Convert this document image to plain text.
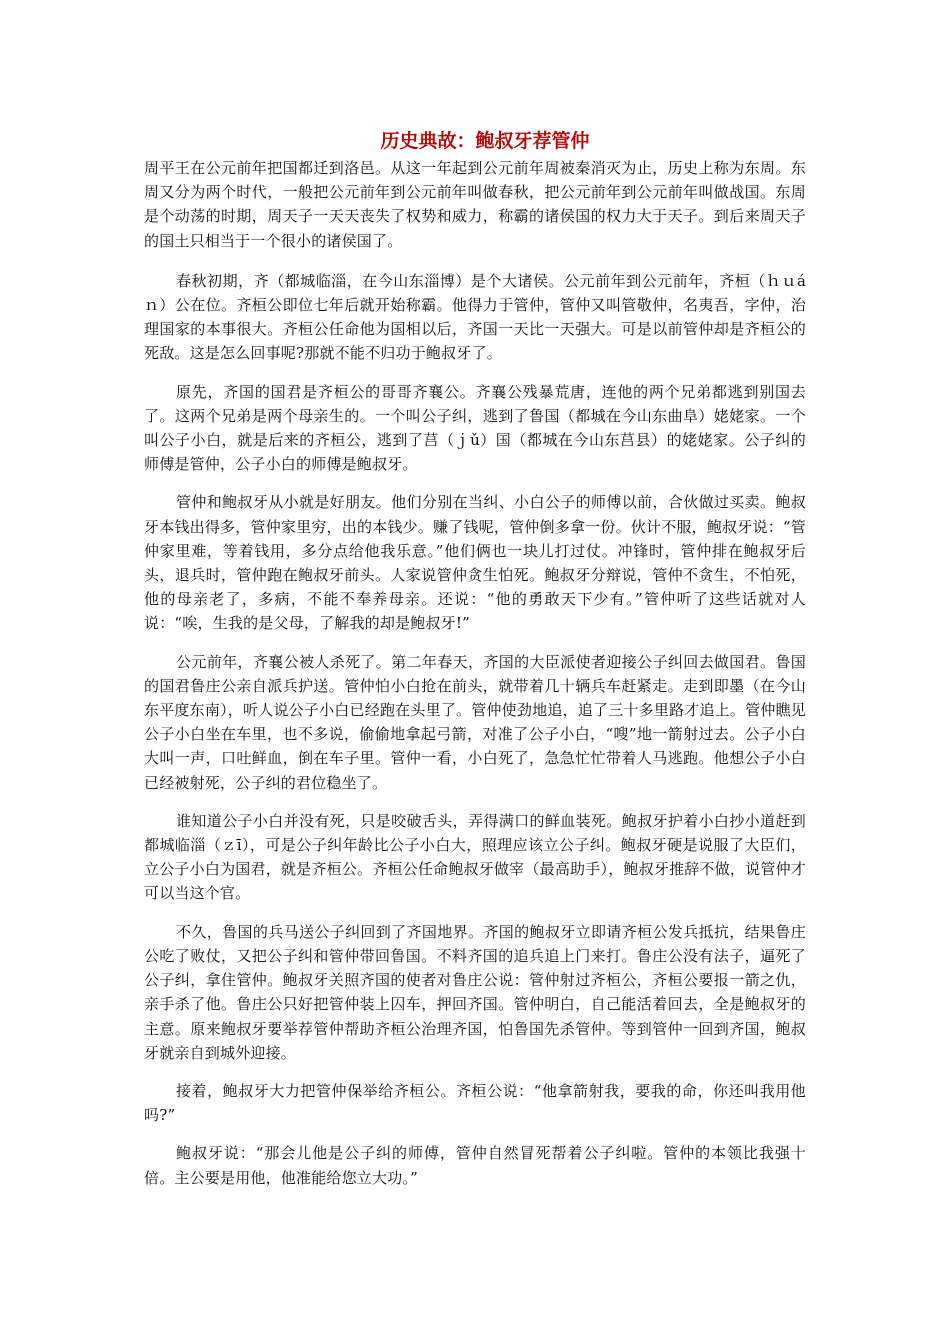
历史典故：鲍叔牙荐管仲

周平王在公元前年把国都迁到洛邑。从这一年起到公元前年周被秦消灭为止，历史上称为东周。东周又分为两个时代，一般把公元前年到公元前年叫做春秋，把公元前年到公元前年叫做战国。东周是个动荡的时期，周天子一天天丧失了权势和威力，称霸的诸侯国的权力大于天子。到后来周天子的国土只相当于一个很小的诸侯国了。

春秋初期，齐（都城临淄，在今山东淄博）是个大诸侯。公元前年到公元前年，齐桓（ｈｕáｎ）公在位。齐桓公即位七年后就开始称霸。他得力于管仲，管仲又叫管敬仲，名夷吾，字仲，治理国家的本事很大。齐桓公任命他为国相以后，齐国一天比一天强大。可是以前管仲却是齐桓公的死敌。这是怎么回事呢?那就不能不归功于鲍叔牙了。

原先，齐国的国君是齐桓公的哥哥齐襄公。齐襄公残暴荒唐，连他的两个兄弟都逃到别国去了。这两个兄弟是两个母亲生的。一个叫公子纠，逃到了鲁国（都城在今山东曲阜）姥姥家。一个叫公子小白，就是后来的齐桓公，逃到了莒（ｊǔ）国（都城在今山东莒县）的姥姥家。公子纠的师傅是管仲，公子小白的师傅是鲍叔牙。

管仲和鲍叔牙从小就是好朋友。他们分别在当纠、小白公子的师傅以前，合伙做过买卖。鲍叔牙本钱出得多，管仲家里穷，出的本钱少。赚了钱呢，管仲倒多拿一份。伙计不服，鲍叔牙说：“管仲家里难，等着钱用，多分点给他我乐意。”他们俩也一块儿打过仗。冲锋时，管仲排在鲍叔牙后头，退兵时，管仲跑在鲍叔牙前头。人家说管仲贪生怕死。鲍叔牙分辩说，管仲不贪生，不怕死，他的母亲老了，多病，不能不奉养母亲。还说：“他的勇敢天下少有。”管仲听了这些话就对人说：“唉，生我的是父母，了解我的却是鲍叔牙!”

公元前年，齐襄公被人杀死了。第二年春天，齐国的大臣派使者迎接公子纠回去做国君。鲁国的国君鲁庄公亲自派兵护送。管仲怕小白抢在前头，就带着几十辆兵车赶紧走。走到即墨（在今山东平度东南），听人说公子小白已经跑在头里了。管仲使劲地追，追了三十多里路才追上。管仲瞧见公子小白坐在车里，也不多说，偷偷地拿起弓箭，对准了公子小白，“嗖”地一箭射过去。公子小白大叫一声，口吐鲜血，倒在车子里。管仲一看，小白死了，急急忙忙带着人马逃跑。他想公子小白已经被射死，公子纠的君位稳坐了。

谁知道公子小白并没有死，只是咬破舌头，弄得满口的鲜血装死。鲍叔牙护着小白抄小道赶到都城临淄（ｚī），可是公子纠年龄比公子小白大，照理应该立公子纠。鲍叔牙硬是说服了大臣们，立公子小白为国君，就是齐桓公。齐桓公任命鲍叔牙做宰（最高助手），鲍叔牙推辞不做，说管仲才可以当这个官。

不久，鲁国的兵马送公子纠回到了齐国地界。齐国的鲍叔牙立即请齐桓公发兵抵抗，结果鲁庄公吃了败仗，又把公子纠和管仲带回鲁国。不料齐国的追兵追上门来打。鲁庄公没有法子，逼死了公子纠，拿住管仲。鲍叔牙关照齐国的使者对鲁庄公说：管仲射过齐桓公，齐桓公要报一箭之仇，亲手杀了他。鲁庄公只好把管仲装上囚车，押回齐国。管仲明白，自己能活着回去，全是鲍叔牙的主意。原来鲍叔牙要举荐管仲帮助齐桓公治理齐国，怕鲁国先杀管仲。等到管仲一回到齐国，鲍叔牙就亲自到城外迎接。

接着，鲍叔牙大力把管仲保举给齐桓公。齐桓公说：“他拿箭射我，要我的命，你还叫我用他吗?”

鲍叔牙说：“那会儿他是公子纠的师傅，管仲自然冒死帮着公子纠啦。管仲的本领比我强十倍。主公要是用他，他准能给您立大功。”
